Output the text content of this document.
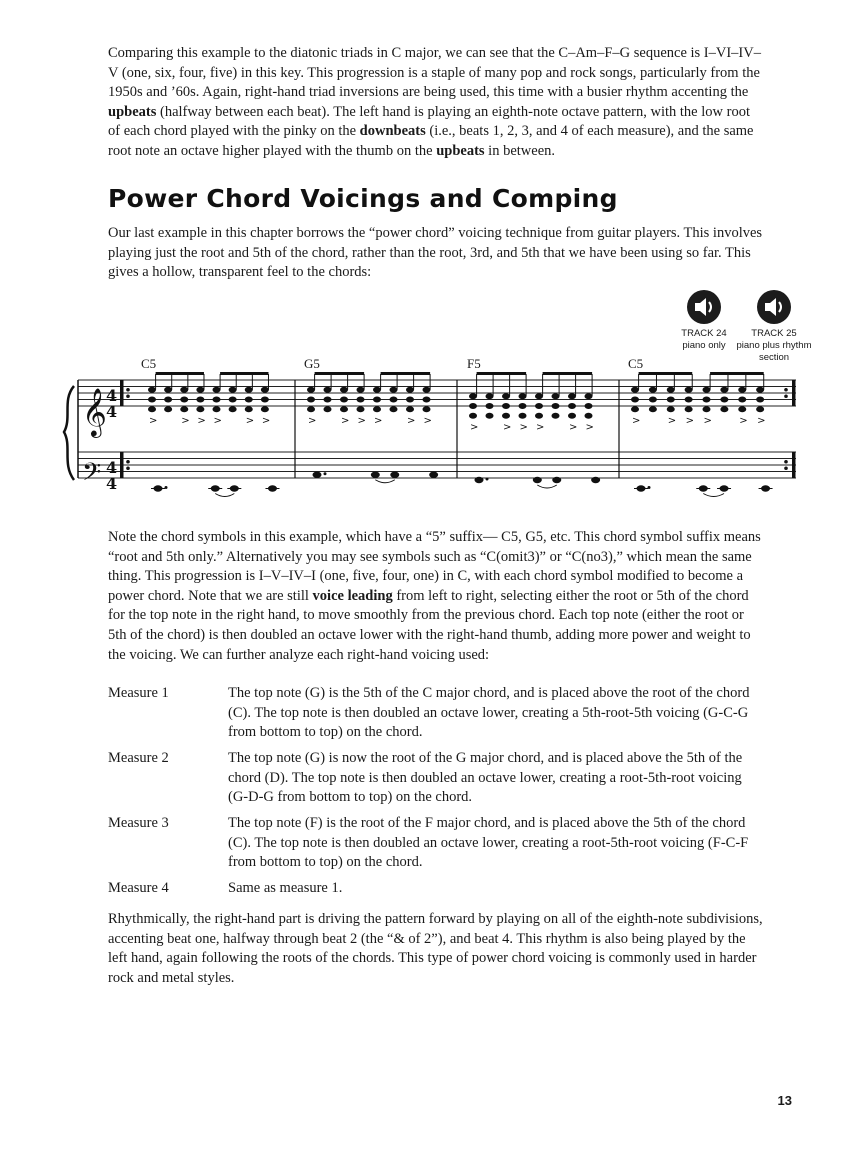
Comparing this example to the diatonic triads in C major, we can see that the C–Am–F–G sequence is I–VI–IV–V (one, six, four, five) in this key. This progression is a staple of many pop and rock songs, particularly from the 1950s and ’60s. Again, right-hand triad inversions are being used, this time with a busier rhythm accenting the upbeats (halfway between each beat). The left hand is playing an eighth-note octave pattern, with the low root of each chord played with the pinky on the downbeats (i.e., beats 1, 2, 3, and 4 of each measure), and the same root note an octave higher played with the thumb on the upbeats in between.

Power Chord Voicings and Comping

Our last example in this chapter borrows the “power chord” voicing technique from guitar players. This involves playing just the root and 5th of the chord, rather than the root, 3rd, and 5th that we have been using so far. This gives a hollow, transparent feel to the chords:

TRACK 24
piano only
TRACK 25
piano plus rhythm section
C5	G5	F5	C5
𝄞
𝄢
4
4
4
4
> > > > > >	> > > > > >
> > > > > >
>	> > >	> >

Note the chord symbols in this example, which have a “5” suffix— C5, G5, etc. This chord symbol suffix means “root and 5th only.” Alternatively you may see symbols such as “C(omit3)” or “C(no3),” which mean the same thing. This progression is I–V–IV–I (one, five, four, one) in C, with each chord symbol modified to become a power chord. Note that we are still voice leading from left to right, selecting either the root or 5th of the chord for the top note in the right hand, to move smoothly from the previous chord. Each top note (either the root or 5th of the chord) is then doubled an octave lower with the right-hand thumb, adding more power and weight to the voicing. We can further analyze each right-hand voicing used:

Measure 1	The top note (G) is the 5th of the C major chord, and is placed above the root of the chord (C). The top note is then doubled an octave lower, creating a 5th-root-5th voicing (G-C-G from bottom to top) on the chord.
Measure 2	The top note (G) is now the root of the G major chord, and is placed above the 5th of the chord (D). The top note is then doubled an octave lower, creating a root-5th-root voicing (G-D-G from bottom to top) on the chord.
Measure 3	The top note (F) is the root of the F major chord, and is placed above the 5th of the chord (C). The top note is then doubled an octave lower, creating a root-5th-root voicing (F-C-F from bottom to top) on the chord.
Measure 4	Same as measure 1.

Rhythmically, the right-hand part is driving the pattern forward by playing on all of the eighth-note subdivisions, accenting beat one, halfway through beat 2 (the “& of 2”), and beat 4. This rhythm is also being played by the left hand, again following the roots of the chords. This type of power chord voicing is commonly used in harder rock and metal styles.

13
